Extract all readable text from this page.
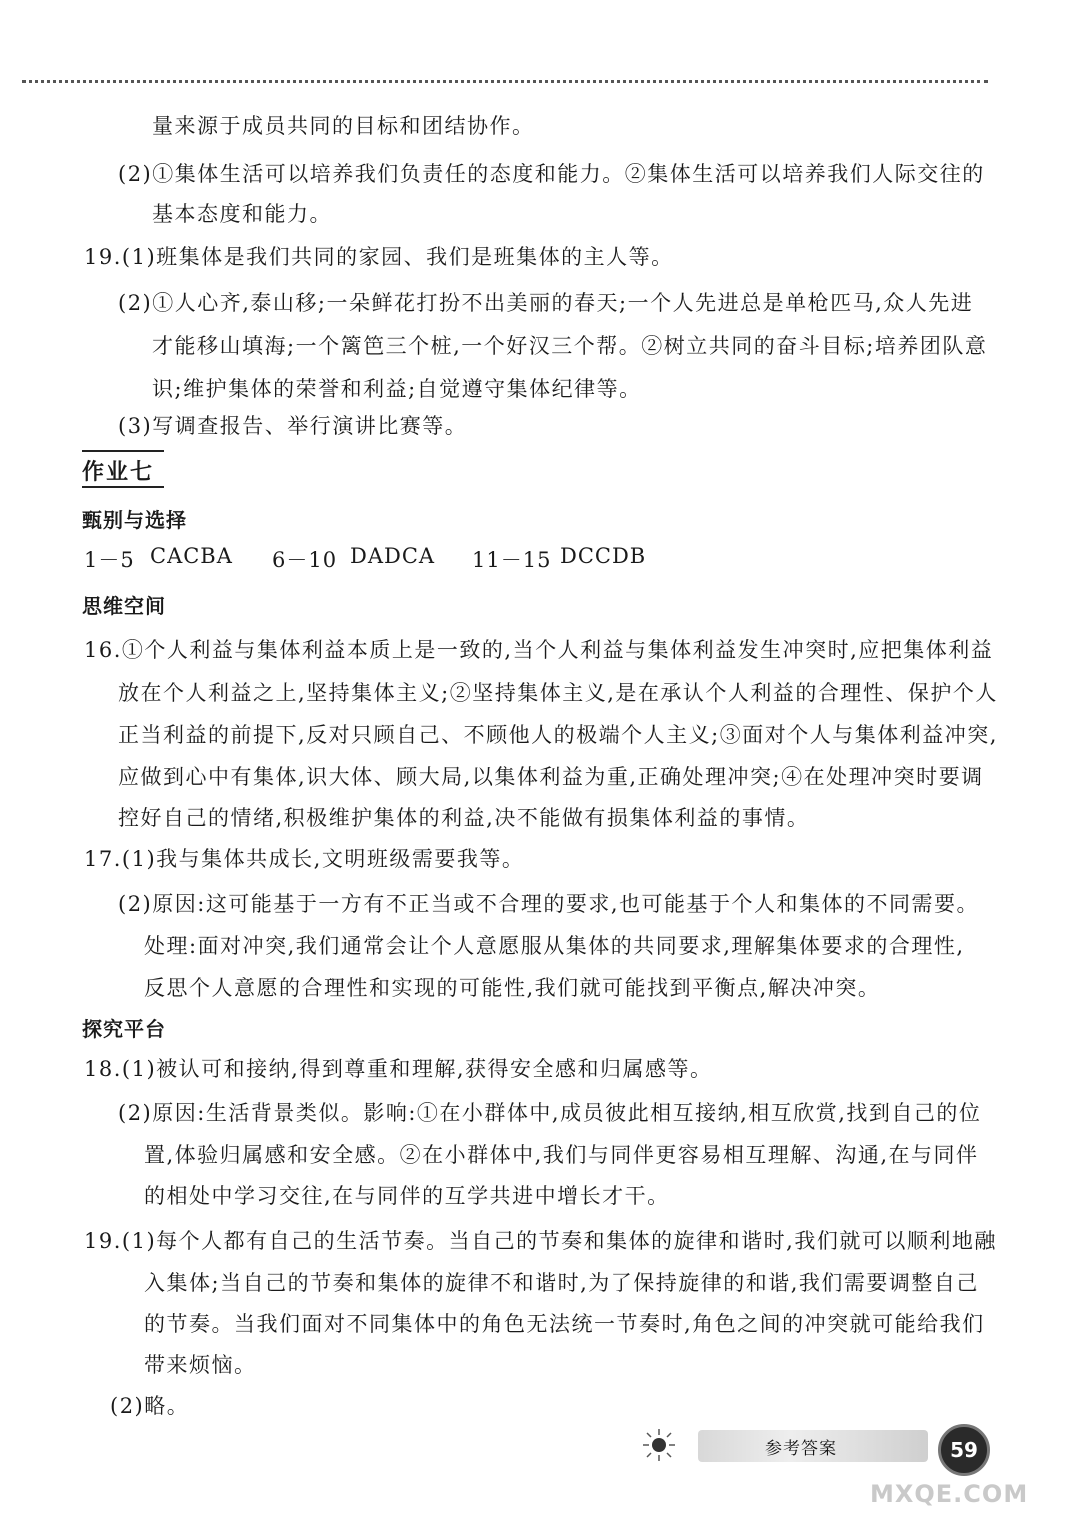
量来源于成员共同的目标和团结协作。
(2)①集体生活可以培养我们负责任的态度和能力。②集体生活可以培养我们人际交往的
基本态度和能力。
19.(1)班集体是我们共同的家园、我们是班集体的主人等。
(2)①人心齐,泰山移;一朵鲜花打扮不出美丽的春天;一个人先进总是单枪匹马,众人先进
才能移山填海;一个篱笆三个桩,一个好汉三个帮。②树立共同的奋斗目标;培养团队意
识;维护集体的荣誉和利益;自觉遵守集体纪律等。
(3)写调查报告、举行演讲比赛等。
作业七
甄别与选择
1－5 CACBA 6－10 DADCA 11－15 DCCDB
思维空间
16.①个人利益与集体利益本质上是一致的,当个人利益与集体利益发生冲突时,应把集体利益
放在个人利益之上,坚持集体主义;②坚持集体主义,是在承认个人利益的合理性、保护个人
正当利益的前提下,反对只顾自己、不顾他人的极端个人主义;③面对个人与集体利益冲突,
应做到心中有集体,识大体、顾大局,以集体利益为重,正确处理冲突;④在处理冲突时要调
控好自己的情绪,积极维护集体的利益,决不能做有损集体利益的事情。
17.(1)我与集体共成长,文明班级需要我等。
(2)原因:这可能基于一方有不正当或不合理的要求,也可能基于个人和集体的不同需要。
处理:面对冲突,我们通常会让个人意愿服从集体的共同要求,理解集体要求的合理性,
反思个人意愿的合理性和实现的可能性,我们就可能找到平衡点,解决冲突。
探究平台
18.(1)被认可和接纳,得到尊重和理解,获得安全感和归属感等。
(2)原因:生活背景类似。影响:①在小群体中,成员彼此相互接纳,相互欣赏,找到自己的位
置,体验归属感和安全感。②在小群体中,我们与同伴更容易相互理解、沟通,在与同伴
的相处中学习交往,在与同伴的互学共进中增长才干。
19.(1)每个人都有自己的生活节奏。当自己的节奏和集体的旋律和谐时,我们就可以顺利地融
入集体;当自己的节奏和集体的旋律不和谐时,为了保持旋律的和谐,我们需要调整自己
的节奏。当我们面对不同集体中的角色无法统一节奏时,角色之间的冲突就可能给我们
带来烦恼。
(2)略。
参考答案	59
MXQE.COM
